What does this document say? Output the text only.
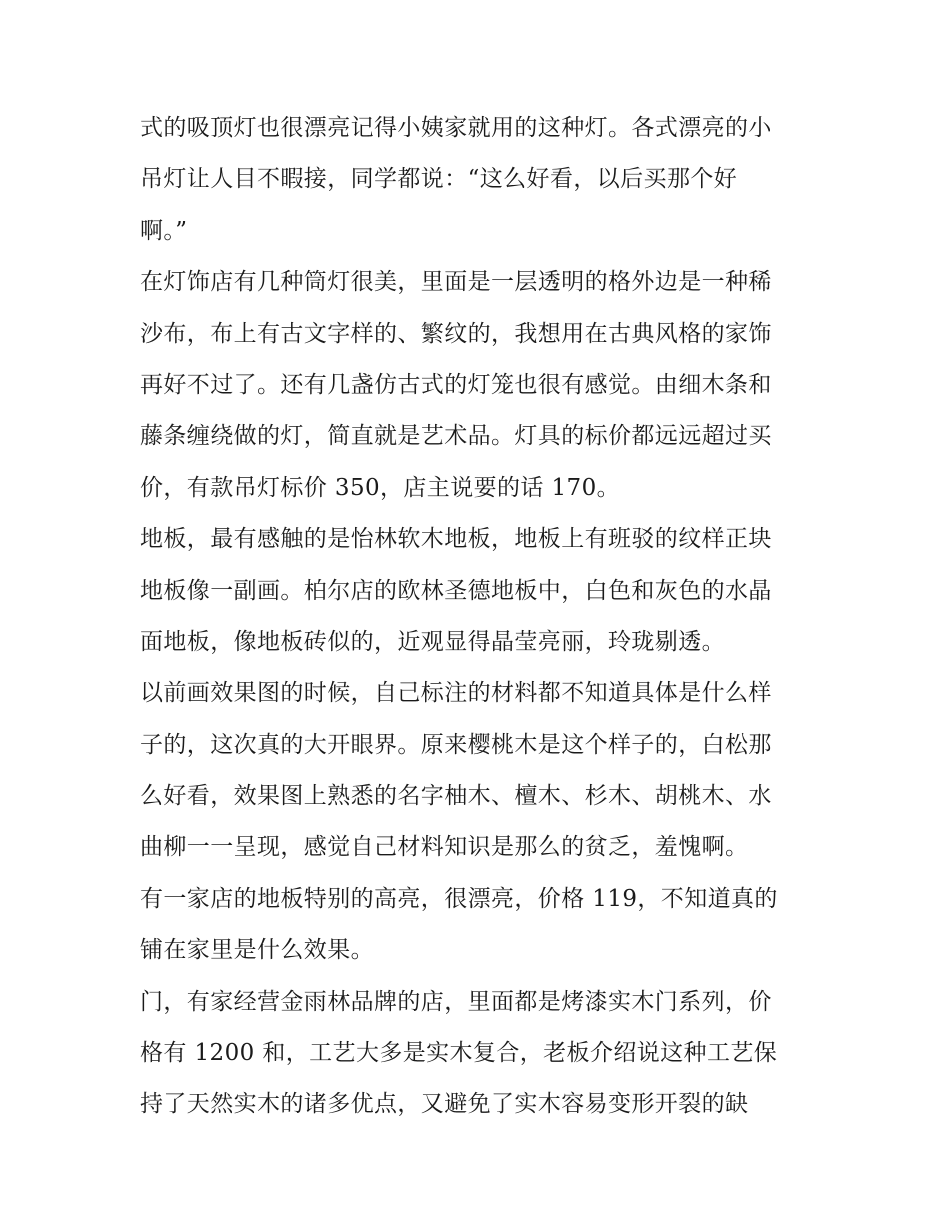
式的吸顶灯也很漂亮记得小姨家就用的这种灯。各式漂亮的小
吊灯让人目不暇接，同学都说：“这么好看，以后买那个好
啊。”
在灯饰店有几种筒灯很美，里面是一层透明的格外边是一种稀
沙布，布上有古文字样的、繁纹的，我想用在古典风格的家饰
再好不过了。还有几盏仿古式的灯笼也很有感觉。由细木条和
藤条缠绕做的灯，简直就是艺术品。灯具的标价都远远超过买
价，有款吊灯标价 350，店主说要的话 170。
地板，最有感触的是怡林软木地板，地板上有班驳的纹样正块
地板像一副画。柏尔店的欧林圣德地板中，白色和灰色的水晶
面地板，像地板砖似的，近观显得晶莹亮丽，玲珑剔透。
以前画效果图的时候，自己标注的材料都不知道具体是什么样
子的，这次真的大开眼界。原来樱桃木是这个样子的，白松那
么好看，效果图上熟悉的名字柚木、檀木、杉木、胡桃木、水
曲柳一一呈现，感觉自己材料知识是那么的贫乏，羞愧啊。
有一家店的地板特别的高亮，很漂亮，价格 119，不知道真的
铺在家里是什么效果。
门，有家经营金雨林品牌的店，里面都是烤漆实木门系列，价
格有 1200 和，工艺大多是实木复合，老板介绍说这种工艺保
持了天然实木的诸多优点，又避免了实木容易变形开裂的缺
